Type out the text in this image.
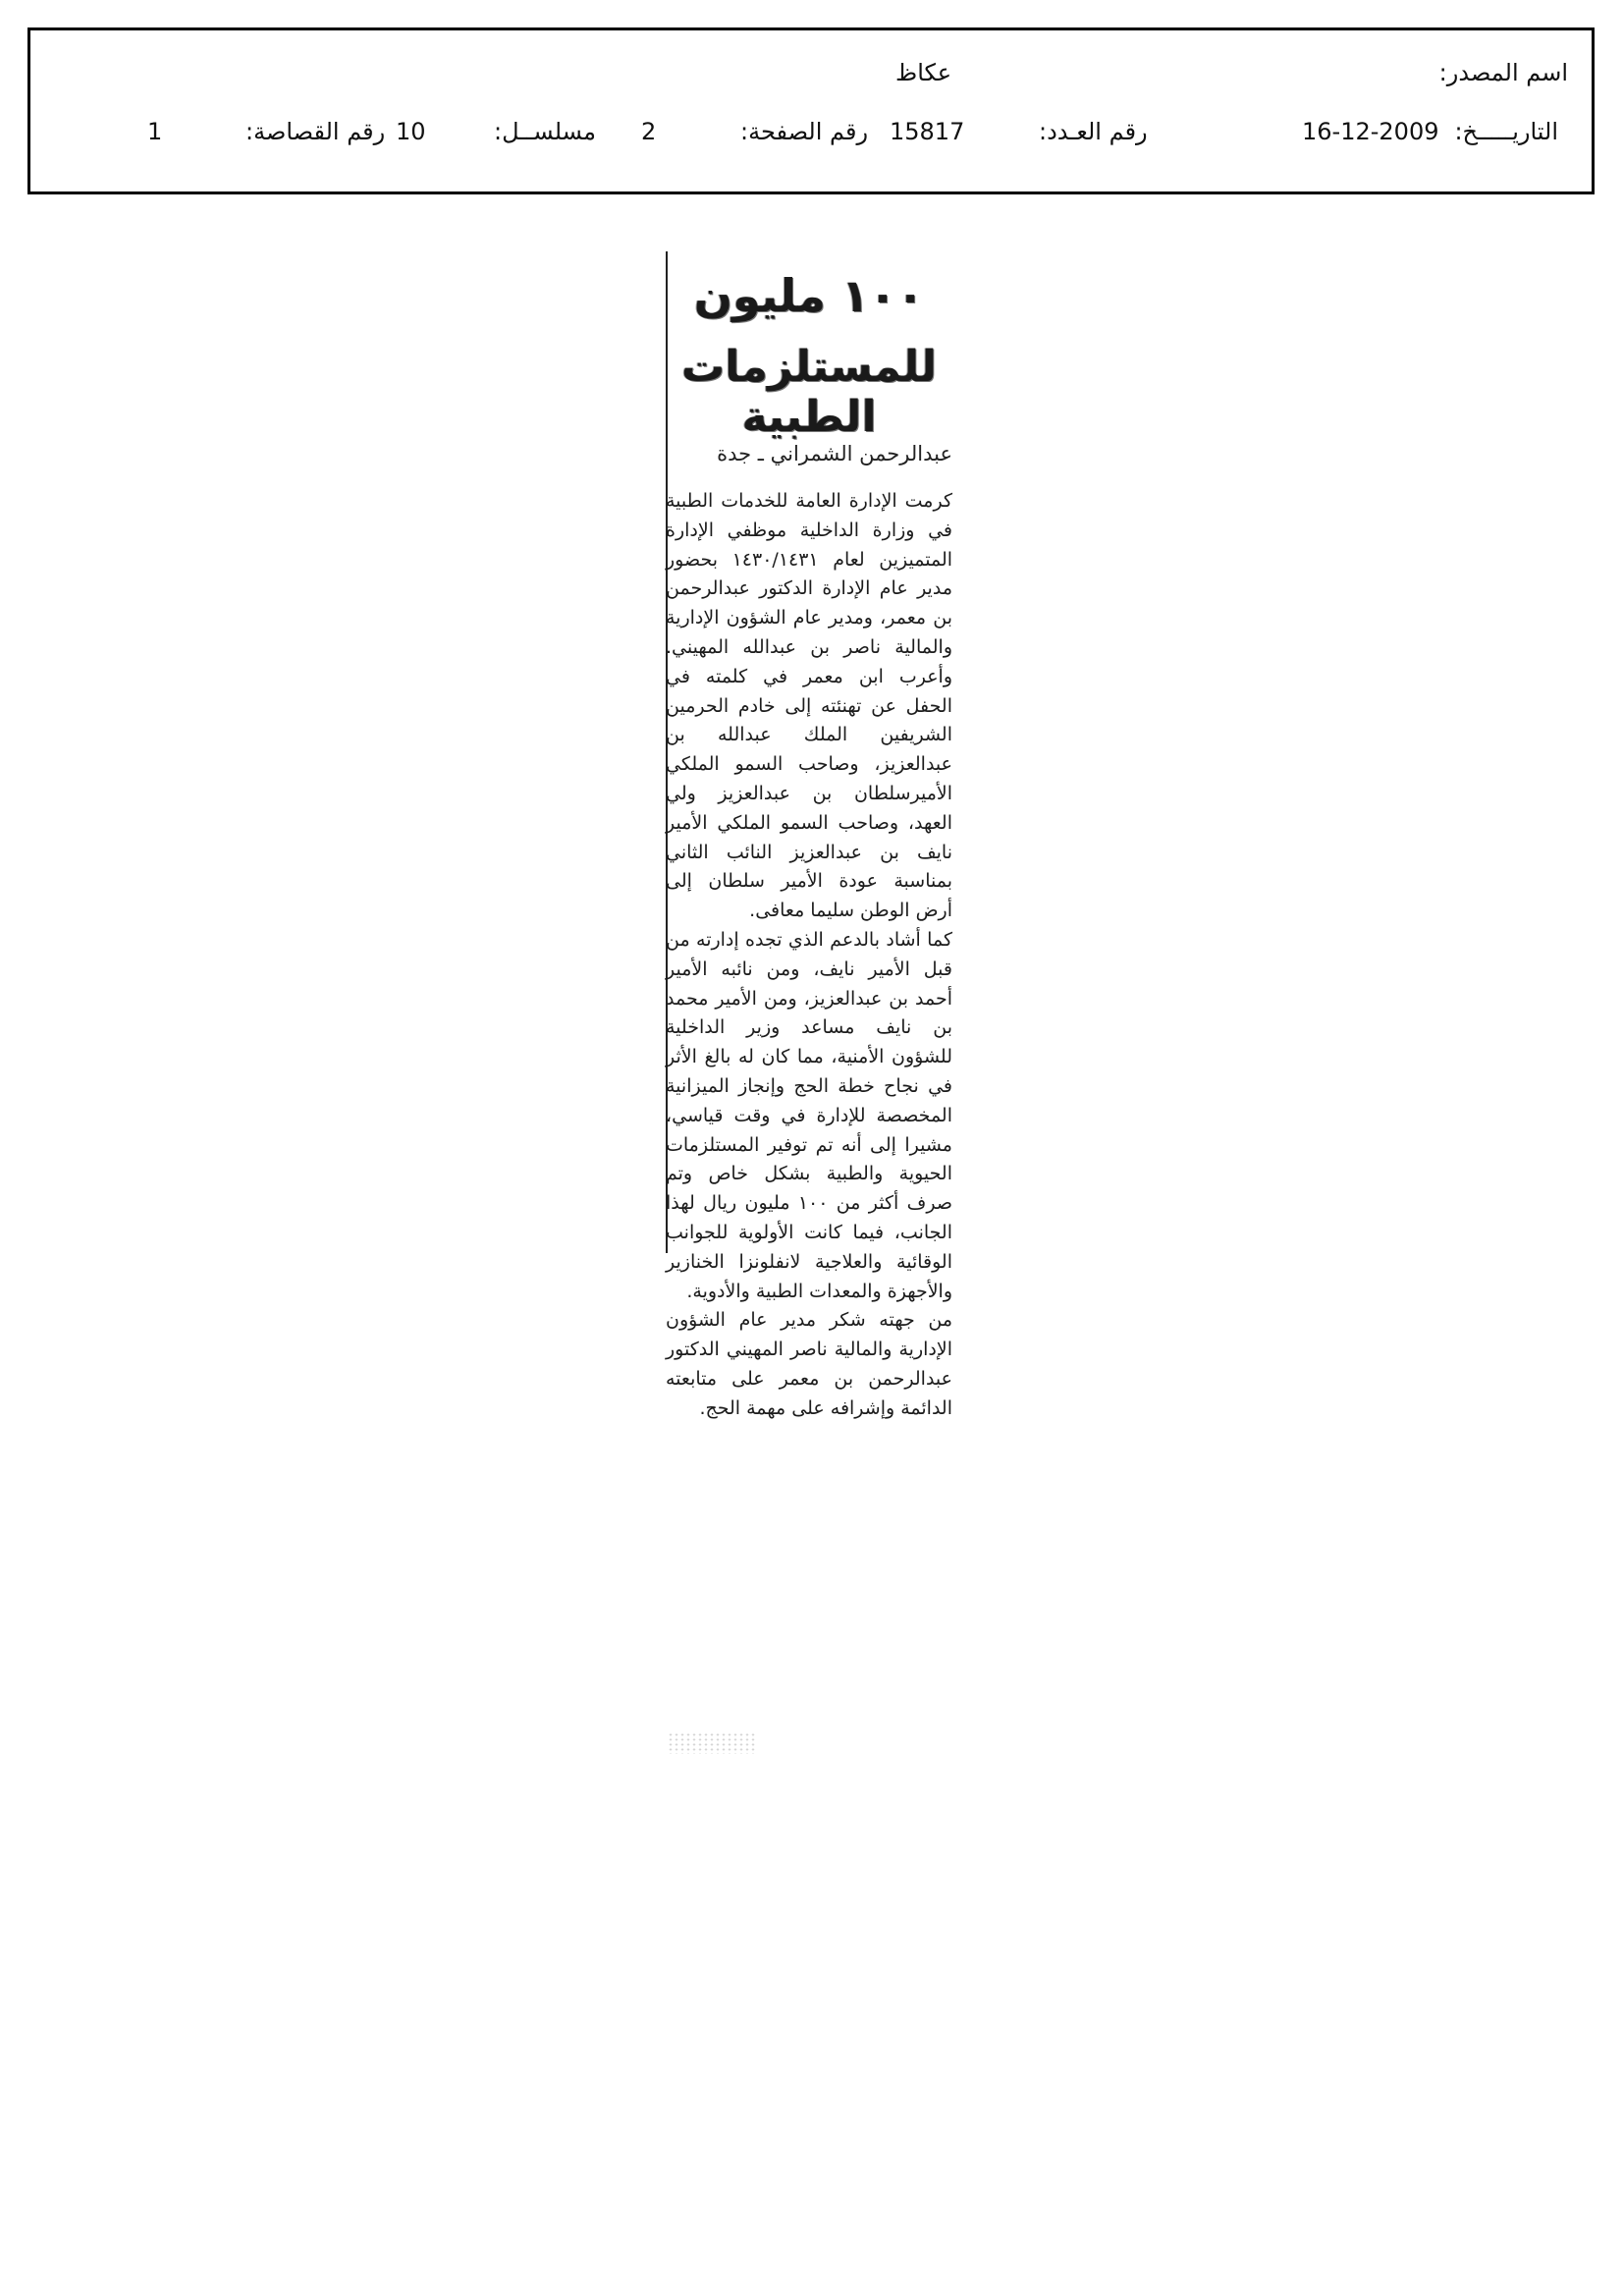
اسم المصدر:
عكاظ
التاريـــــخ:
16-12-2009
رقم العـدد:
15817
رقم الصفحة:
2
مسلســل:
10
رقم القصاصة:
1
١٠٠ مليون
للمستلزمات الطبية
عبدالرحمن الشمراني ـ جدة

كرمت الإدارة العامة للخدمات الطبية في وزارة الداخلية موظفي الإدارة المتميزين لعام ١٤٣٠/١٤٣١ بحضور مدير عام الإدارة الدكتور عبدالرحمن بن معمر، ومدير عام الشؤون الإدارية والمالية ناصر بن عبدالله المهيني. وأعرب ابن معمر في كلمته في الحفل عن تهنئته إلى خادم الحرمين الشريفين الملك عبدالله بن عبدالعزيز، وصاحب السمو الملكي الأميرسلطان بن عبدالعزيز ولي العهد، وصاحب السمو الملكي الأمير نايف بن عبدالعزيز النائب الثاني بمناسبة عودة الأمير سلطان إلى أرض الوطن سليما معافى.

كما أشاد بالدعم الذي تجده إدارته من قبل الأمير نايف، ومن نائبه الأمير أحمد بن عبدالعزيز، ومن الأمير محمد بن نايف مساعد وزير الداخلية للشؤون الأمنية، مما كان له بالغ الأثر في نجاح خطة الحج وإنجاز الميزانية المخصصة للإدارة في وقت قياسي، مشيرا إلى أنه تم توفير المستلزمات الحيوية والطبية بشكل خاص وتم صرف أكثر من ١٠٠ مليون ريال لهذا الجانب، فيما كانت الأولوية للجوانب الوقائية والعلاجية لانفلونزا الخنازير والأجهزة والمعدات الطبية والأدوية.

من جهته شكر مدير عام الشؤون الإدارية والمالية ناصر المهيني الدكتور عبدالرحمن بن معمر على متابعته الدائمة وإشرافه على مهمة الحج.
